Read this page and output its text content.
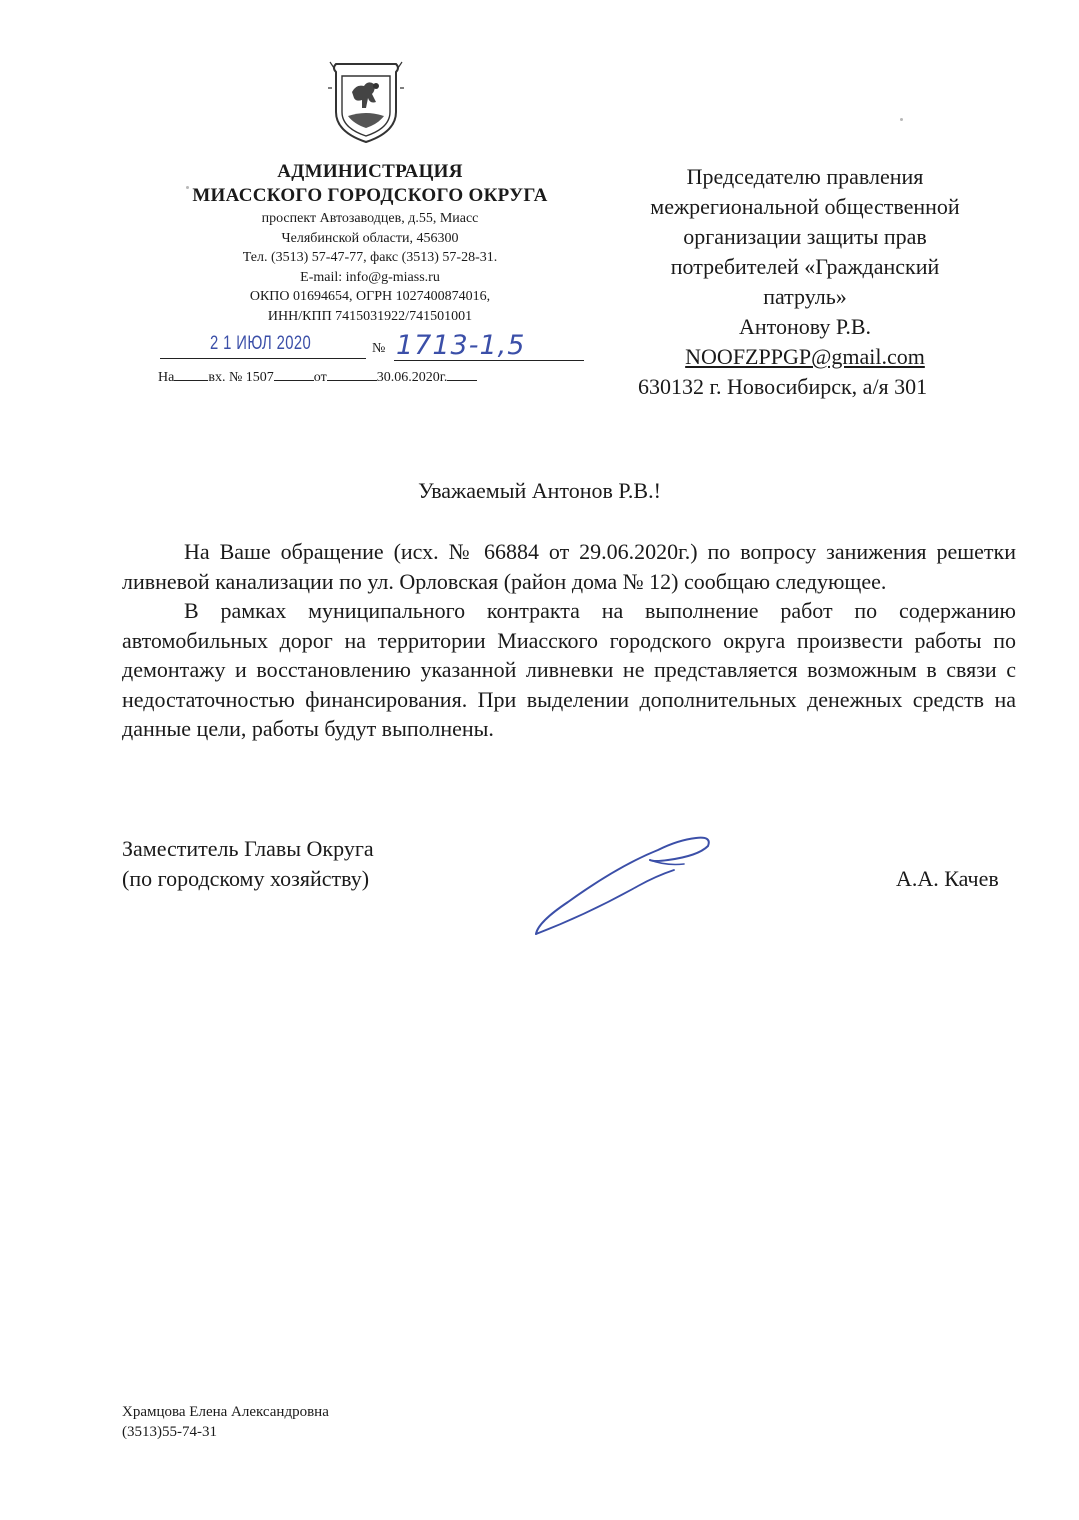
АДМИНИСТРАЦИЯ
МИАССКОГО ГОРОДСКОГО ОКРУГА
проспект Автозаводцев, д.55, Миасс
Челябинской области, 456300
Тел. (3513) 57-47-77, факс (3513) 57-28-31.
E-mail: info@g-miass.ru
ОКПО 01694654, ОГРН 1027400874016,
ИНН/КПП 7415031922/741501001
2 1 ИЮЛ 2020	№ 1713-1,5
На вх. № 1507	от	30.06.2020г.
Председателю правления
межрегиональной общественной
организации защиты прав
потребителей «Гражданский
патруль»
Антонову Р.В.
NOOFZPPGP@gmail.com
630132 г. Новосибирск, а/я 301
Уважаемый Антонов Р.В.!

На Ваше обращение (исх. № 66884 от 29.06.2020г.) по вопросу занижения решетки ливневой канализации по ул. Орловская (район дома № 12) сообщаю следующее.

В рамках муниципального контракта на выполнение работ по содержанию автомобильных дорог на территории Миасского городского округа произвести работы по демонтажу и восстановлению указанной ливневки не представляется возможным в связи с недостаточностью финансирования. При выделении дополнительных денежных средств на данные цели, работы будут выполнены.

Заместитель Главы Округа
(по городскому хозяйству)	А.А. Качев
Храмцова Елена Александровна
(3513)55-74-31
